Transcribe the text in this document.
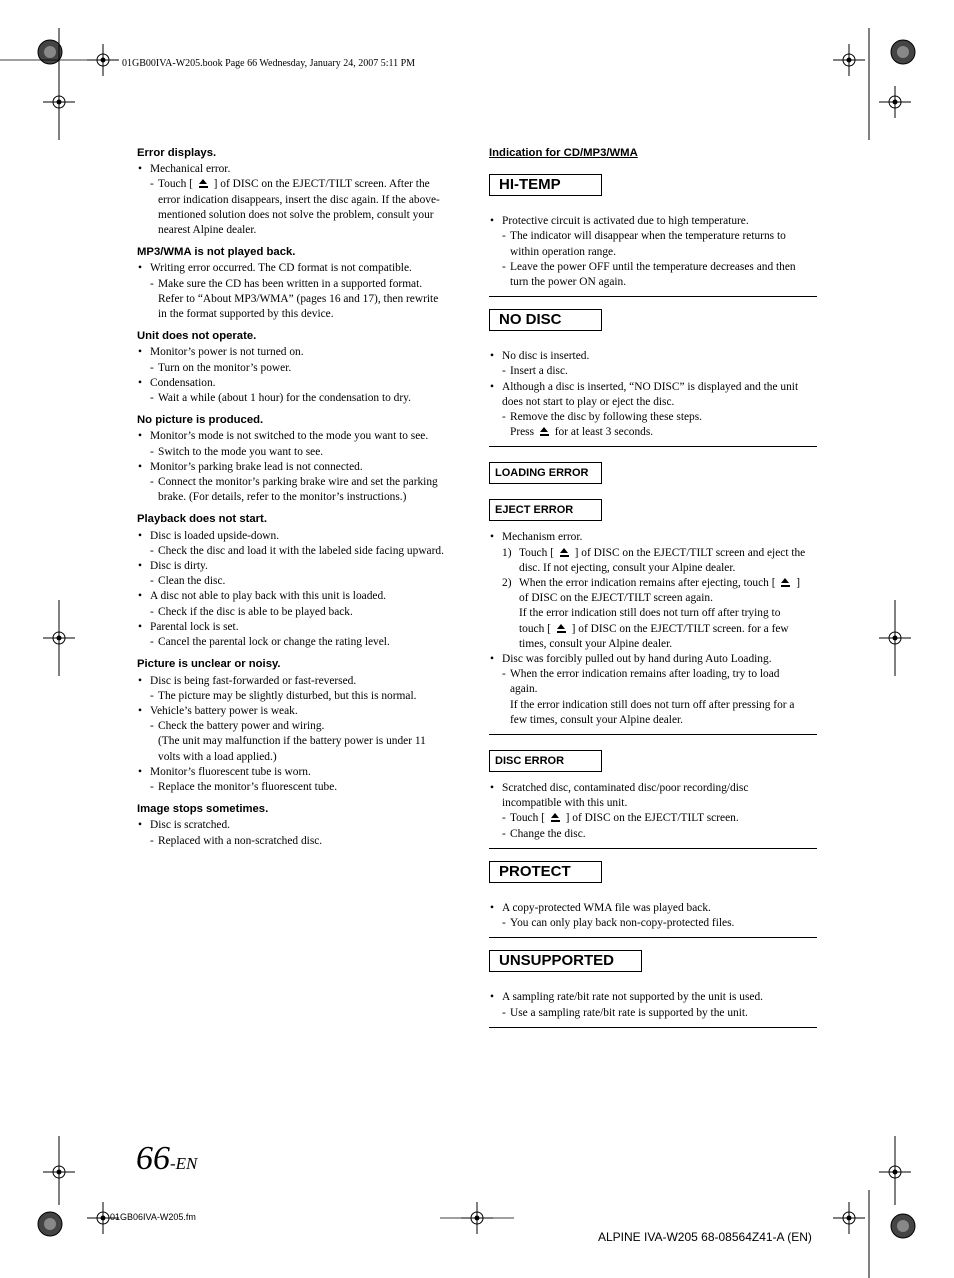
01GB00IVA-W205.book Page 66 Wednesday, January 24, 2007 5:11 PM
Error displays.
• Mechanical error.
- Touch [  ] of DISC on the EJECT/TILT screen. After the
error indication disappears, insert the disc again. If the above-
mentioned solution does not solve the problem, consult your
nearest Alpine dealer.
MP3/WMA is not played back.
• Writing error occurred. The CD format is not compatible.
- Make sure the CD has been written in a supported format.
Refer to “About MP3/WMA” (pages 16 and 17), then rewrite
in the format supported by this device.
Unit does not operate.
• Monitor’s power is not turned on.
- Turn on the monitor’s power.
• Condensation.
- Wait a while (about 1 hour) for the condensation to dry.
No picture is produced.
• Monitor’s mode is not switched to the mode you want to see.
- Switch to the mode you want to see.
• Monitor’s parking brake lead is not connected.
- Connect the monitor’s parking brake wire and set the parking
brake. (For details, refer to the monitor’s instructions.)
Playback does not start.
• Disc is loaded upside-down.
- Check the disc and load it with the labeled side facing upward.
• Disc is dirty.
- Clean the disc.
• A disc not able to play back with this unit is loaded.
- Check if the disc is able to be played back.
• Parental lock is set.
- Cancel the parental lock or change the rating level.
Picture is unclear or noisy.
• Disc is being fast-forwarded or fast-reversed.
- The picture may be slightly disturbed, but this is normal.
• Vehicle’s battery power is weak.
- Check the battery power and wiring.
(The unit may malfunction if the battery power is under 11
volts with a load applied.)
• Monitor’s fluorescent tube is worn.
- Replace the monitor’s fluorescent tube.
Image stops sometimes.
• Disc is scratched.
- Replaced with a non-scratched disc.
Indication for CD/MP3/WMA
HI-TEMP
• Protective circuit is activated due to high temperature.
- The indicator will disappear when the temperature returns to
within operation range.
- Leave the power OFF until the temperature decreases and then
turn the power ON again.
NO DISC
• No disc is inserted.
- Insert a disc.
• Although a disc is inserted, “NO DISC” is displayed and the unit
does not start to play or eject the disc.
- Remove the disc by following these steps.
Press  for at least 3 seconds.
LOADING ERROR
EJECT ERROR
• Mechanism error.
1) Touch [  ] of DISC on the EJECT/TILT screen and eject the
disc. If not ejecting, consult your Alpine dealer.
2) When the error indication remains after ejecting, touch [  ]
of DISC on the EJECT/TILT screen again.
If the error indication still does not turn off after trying to
touch [  ] of DISC on the EJECT/TILT screen. for a few
times, consult your Alpine dealer.
• Disc was forcibly pulled out by hand during Auto Loading.
- When the error indication remains after loading, try to load
again.
If the error indication still does not turn off after pressing for a
few times, consult your Alpine dealer.
DISC ERROR
• Scratched disc, contaminated disc/poor recording/disc
incompatible with this unit.
- Touch [  ] of DISC on the EJECT/TILT screen.
- Change the disc.
PROTECT
• A copy-protected WMA file was played back.
- You can only play back non-copy-protected files.
UNSUPPORTED
• A sampling rate/bit rate not supported by the unit is used.
- Use a sampling rate/bit rate is supported by the unit.
66-EN
01GB06IVA-W205.fm
ALPINE IVA-W205 68-08564Z41-A (EN)
